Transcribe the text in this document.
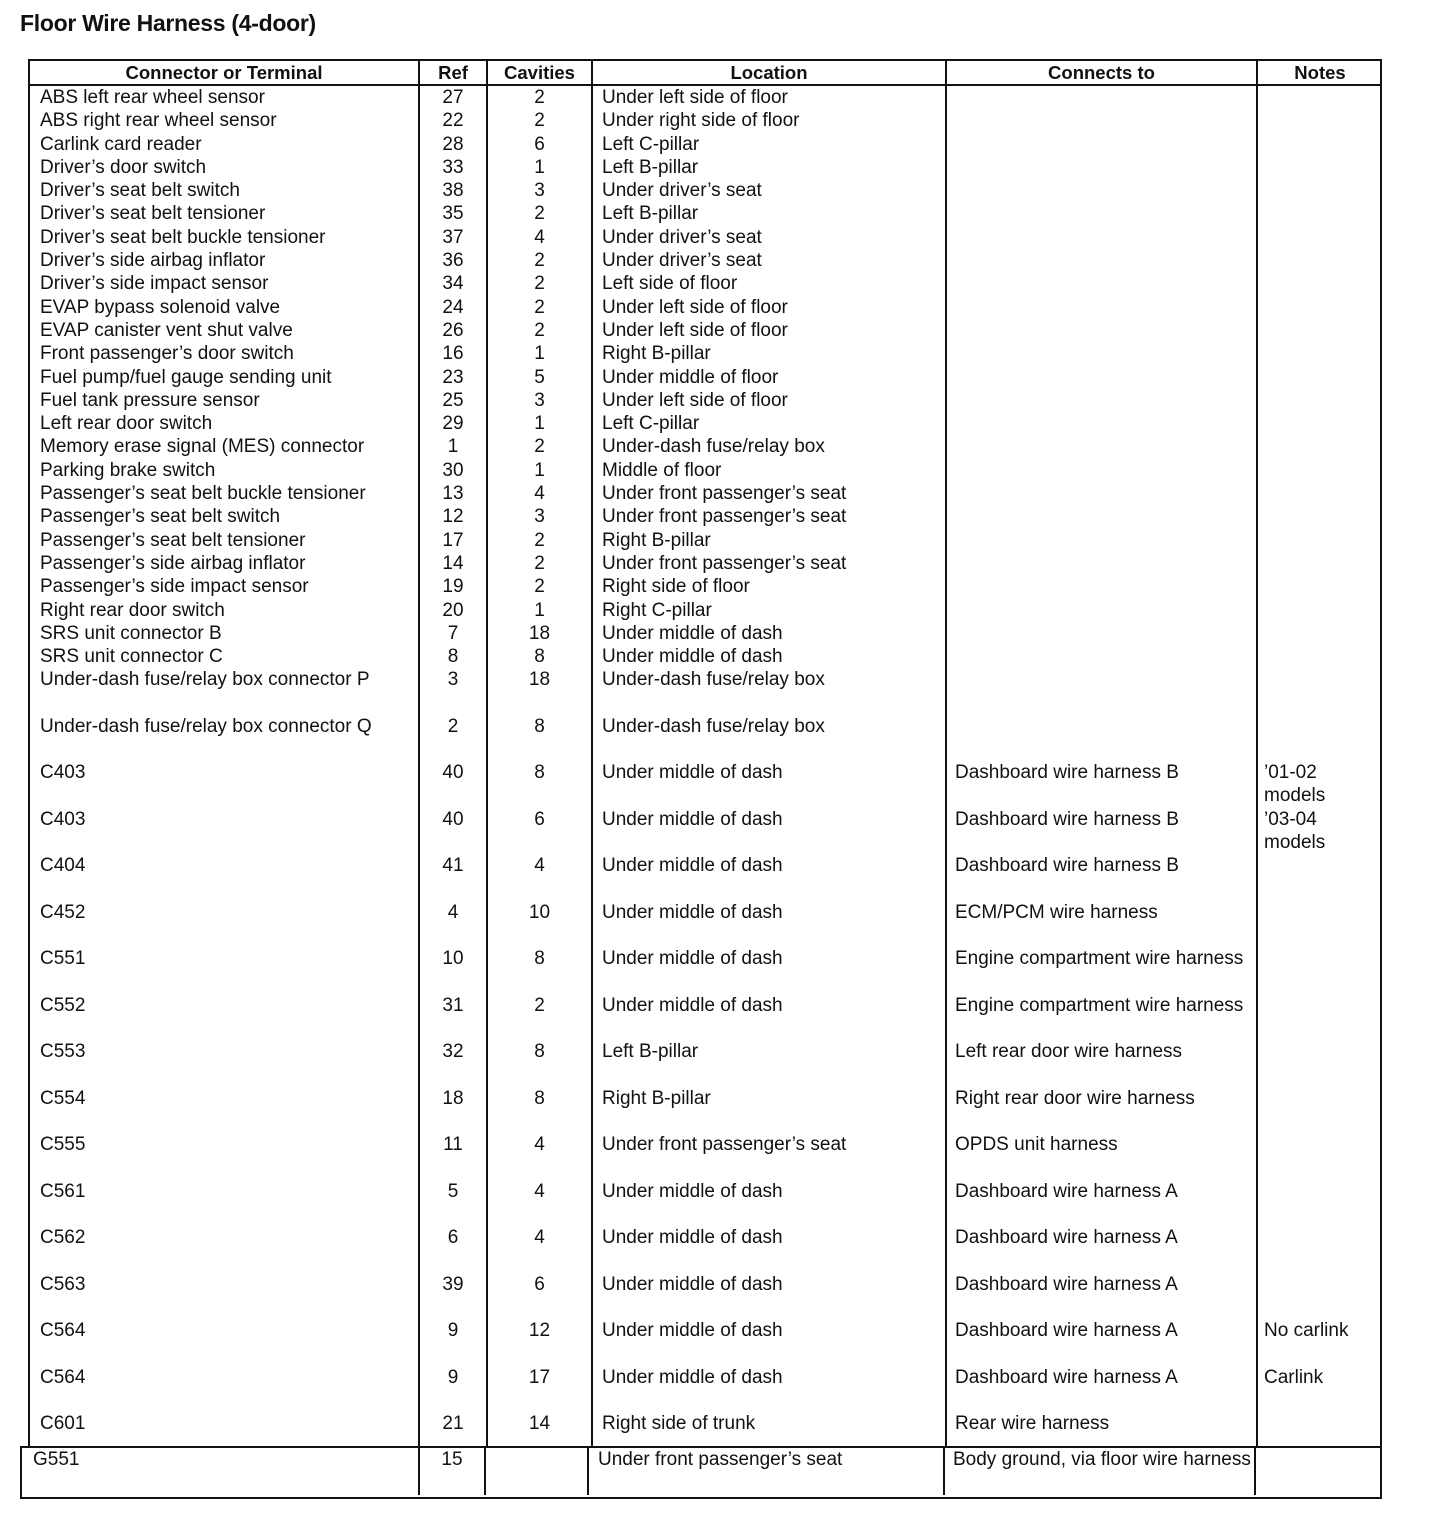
Floor Wire Harness (4-door)
Connector or Terminal	Ref	Cavities	Location	Connects to	Notes
ABS left rear wheel sensor	27	2	Under left side of floor		
ABS right rear wheel sensor	22	2	Under right side of floor		
Carlink card reader	28	6	Left C-pillar		
Driver’s door switch	33	1	Left B-pillar		
Driver’s seat belt switch	38	3	Under driver’s seat		
Driver’s seat belt tensioner	35	2	Left B-pillar		
Driver’s seat belt buckle tensioner	37	4	Under driver’s seat		
Driver’s side airbag inflator	36	2	Under driver’s seat		
Driver’s side impact sensor	34	2	Left side of floor		
EVAP bypass solenoid valve	24	2	Under left side of floor		
EVAP canister vent shut valve	26	2	Under left side of floor		
Front passenger’s door switch	16	1	Right B-pillar		
Fuel pump/fuel gauge sending unit	23	5	Under middle of floor		
Fuel tank pressure sensor	25	3	Under left side of floor		
Left rear door switch	29	1	Left C-pillar		
Memory erase signal (MES) connector	1	2	Under-dash fuse/relay box		
Parking brake switch	30	1	Middle of floor		
Passenger’s seat belt buckle tensioner	13	4	Under front passenger’s seat		
Passenger’s seat belt switch	12	3	Under front passenger’s seat		
Passenger’s seat belt tensioner	17	2	Right B-pillar		
Passenger’s side airbag inflator	14	2	Under front passenger’s seat		
Passenger’s side impact sensor	19	2	Right side of floor		
Right rear door switch	20	1	Right C-pillar		
SRS unit connector B	7	18	Under middle of dash		
SRS unit connector C	8	8	Under middle of dash		
Under-dash fuse/relay box connector P	3	18	Under-dash fuse/relay box		
Under-dash fuse/relay box connector Q	2	8	Under-dash fuse/relay box		
C403	40	8	Under middle of dash	Dashboard wire harness B	’01-02 models
C403	40	6	Under middle of dash	Dashboard wire harness B	’03-04 models
C404	41	4	Under middle of dash	Dashboard wire harness B	
C452	4	10	Under middle of dash	ECM/PCM wire harness	
C551	10	8	Under middle of dash	Engine compartment wire harness	
C552	31	2	Under middle of dash	Engine compartment wire harness	
C553	32	8	Left B-pillar	Left rear door wire harness	
C554	18	8	Right B-pillar	Right rear door wire harness	
C555	11	4	Under front passenger’s seat	OPDS unit harness	
C561	5	4	Under middle of dash	Dashboard wire harness A	
C562	6	4	Under middle of dash	Dashboard wire harness A	
C563	39	6	Under middle of dash	Dashboard wire harness A	
C564	9	12	Under middle of dash	Dashboard wire harness A	No carlink
C564	9	17	Under middle of dash	Dashboard wire harness A	Carlink
C601	21	14	Right side of trunk	Rear wire harness	
G551	15		Under front passenger’s seat	Body ground, via floor wire harness	
